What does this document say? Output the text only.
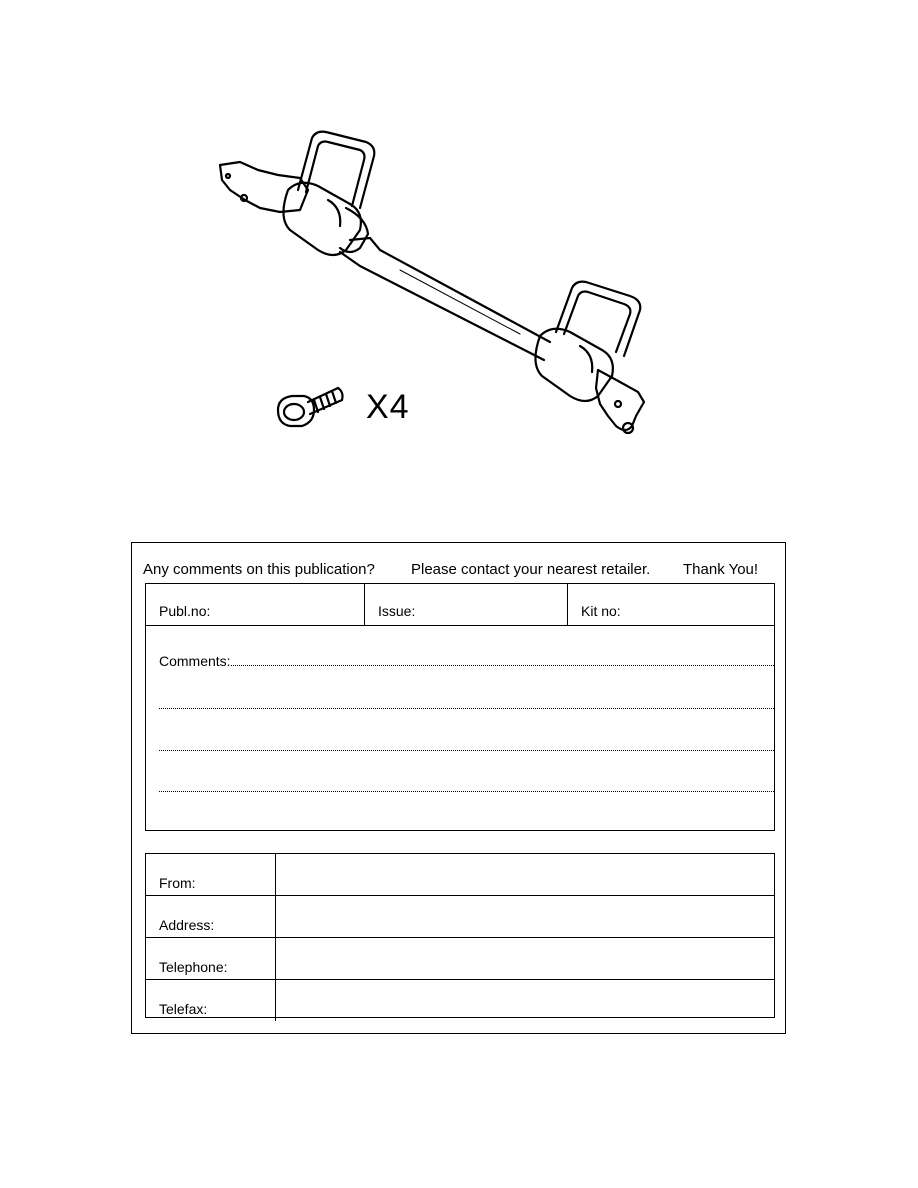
X4
Any comments on this publication? Please contact your nearest retailer. Thank You!
Publ.no:	Issue:	Kit no:
Comments:
From:
Address:
Telephone:
Telefax:
